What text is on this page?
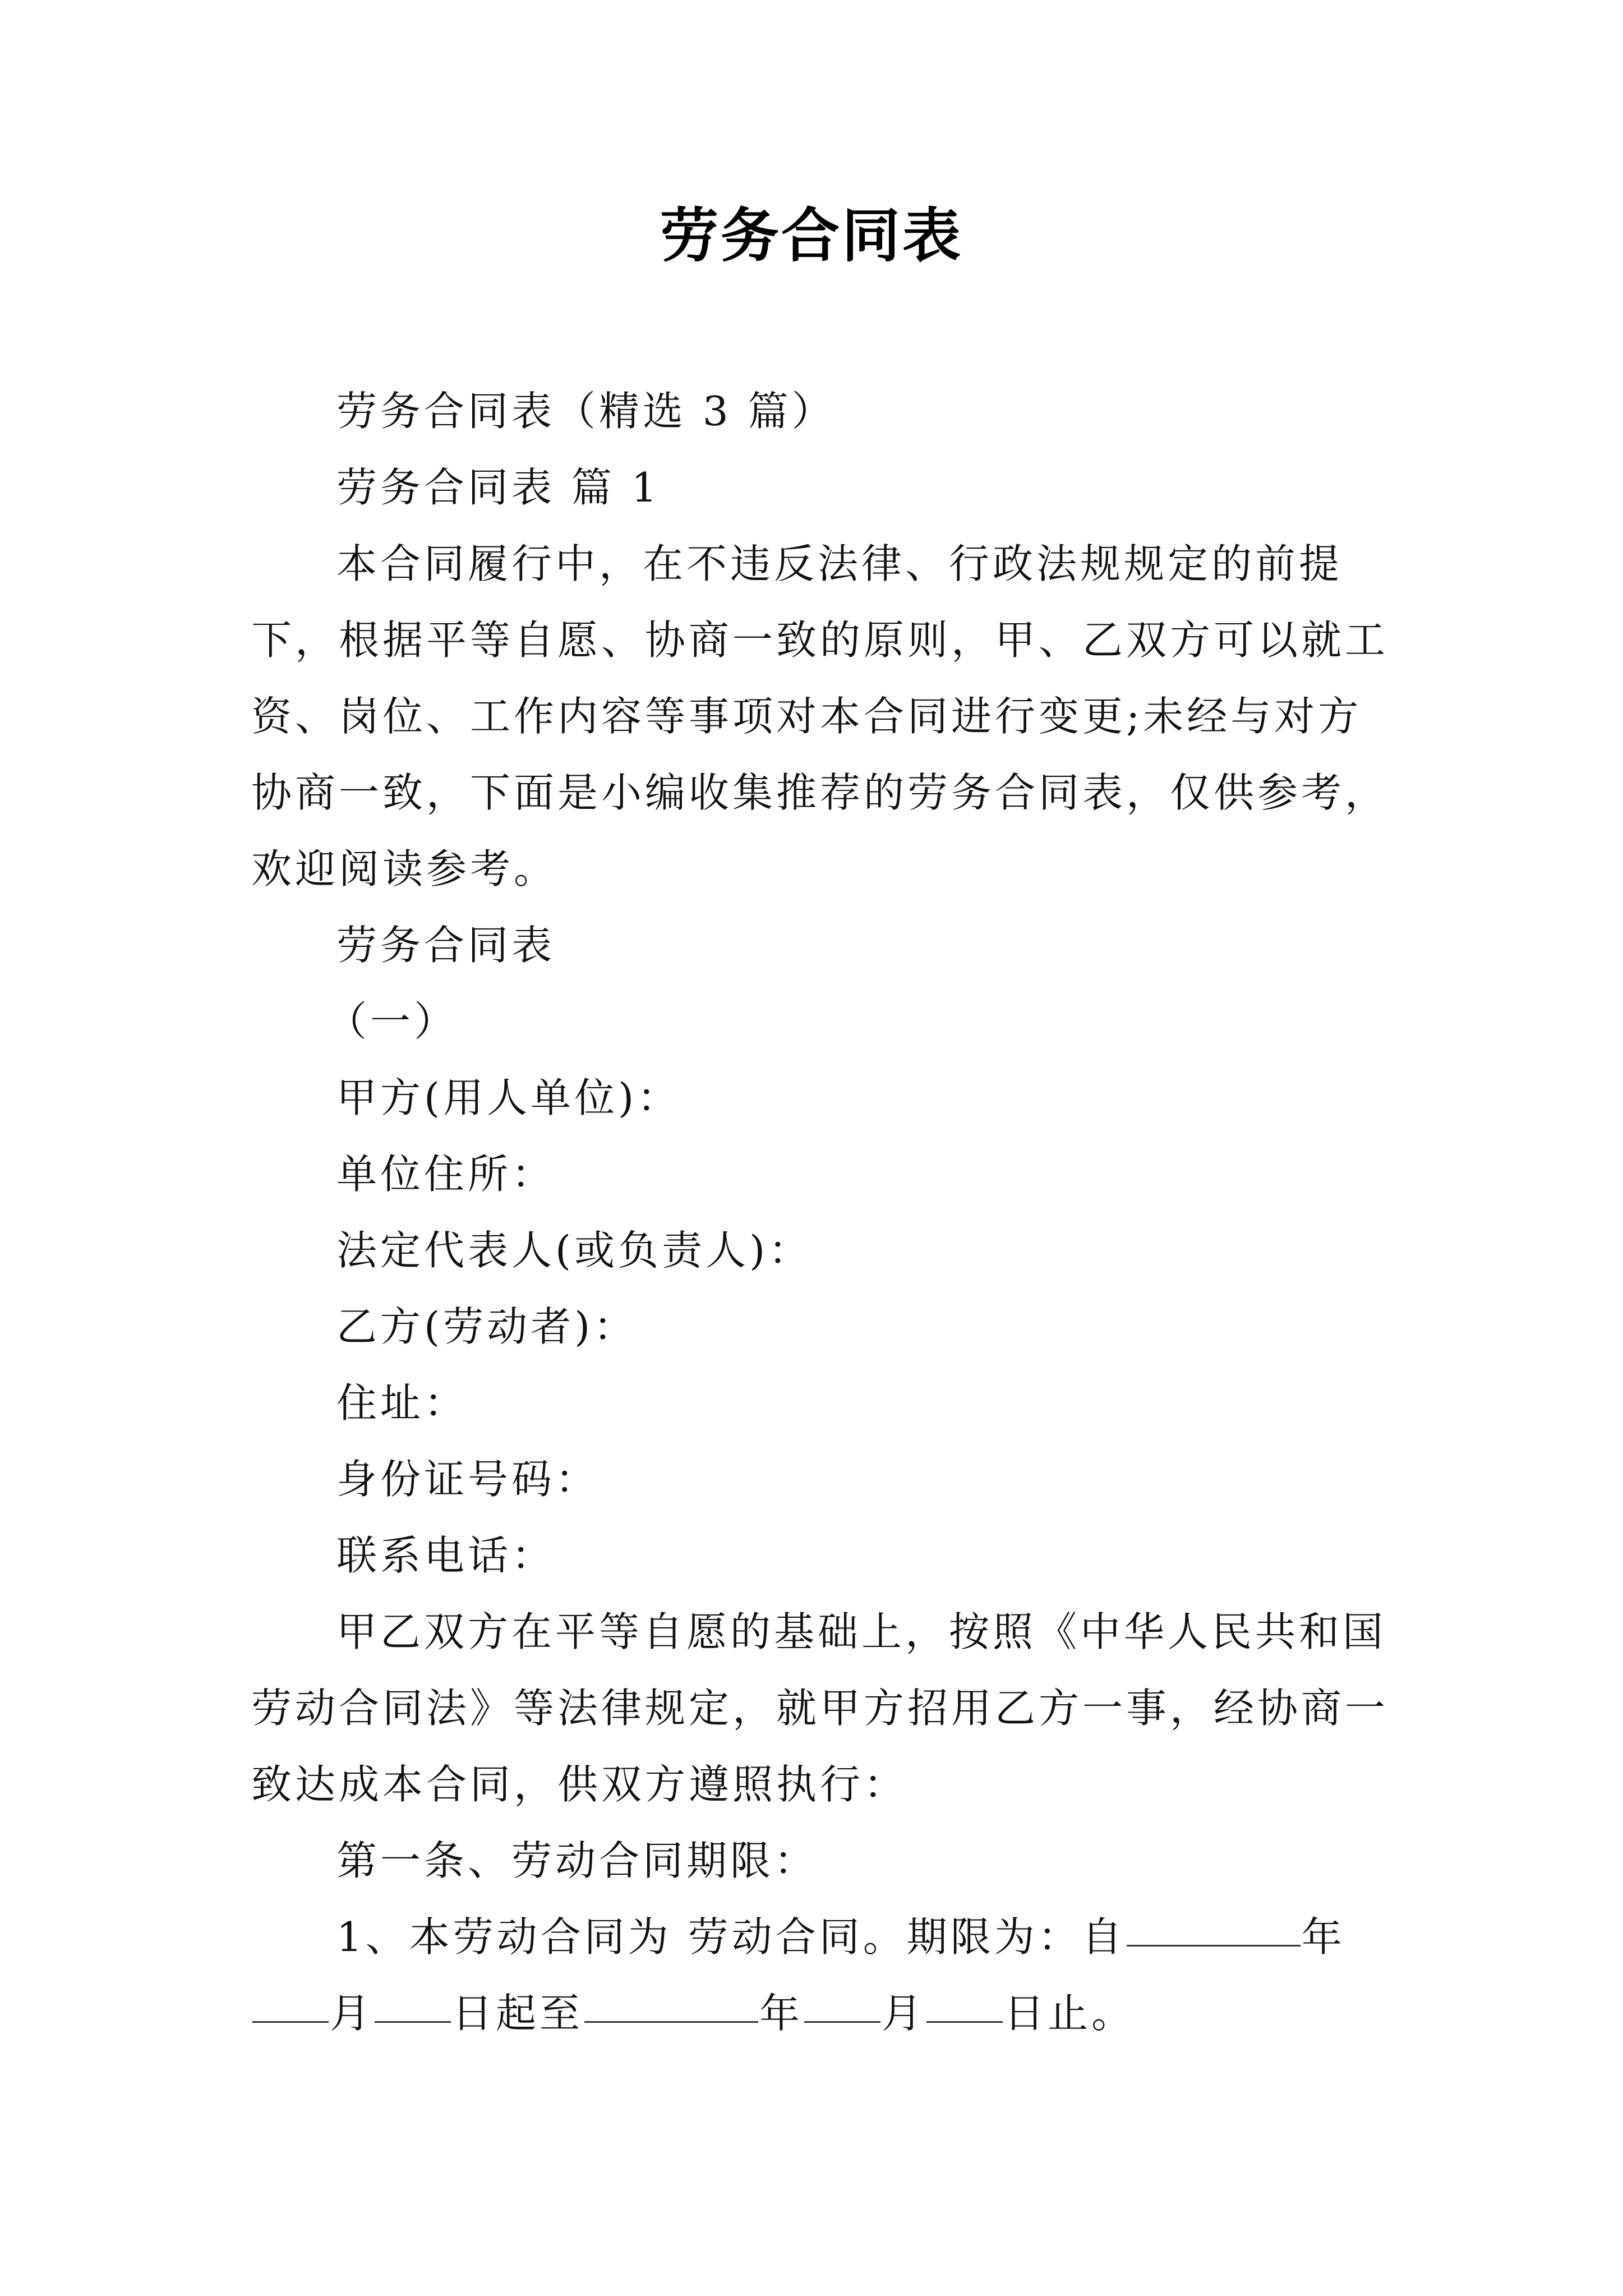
劳务合同表

劳务合同表（精选 3 篇）

劳务合同表 篇 1

本合同履行中，在不违反法律、行政法规规定的前提下，根据平等自愿、协商一致的原则，甲、乙双方可以就工资、岗位、工作内容等事项对本合同进行变更;未经与对方协商一致，下面是小编收集推荐的劳务合同表，仅供参考，欢迎阅读参考。

劳务合同表

（一）

甲方(用人单位)：

单位住所：

法定代表人(或负责人)：

乙方(劳动者)：

住址：

身份证号码：

联系电话：

甲乙双方在平等自愿的基础上，按照《中华人民共和国劳动合同法》等法律规定，就甲方招用乙方一事，经协商一致达成本合同，供双方遵照执行：

第一条、劳动合同期限：

1、本劳动合同为 劳动合同。期限为：自	年月 日起至	年 月 日止。
